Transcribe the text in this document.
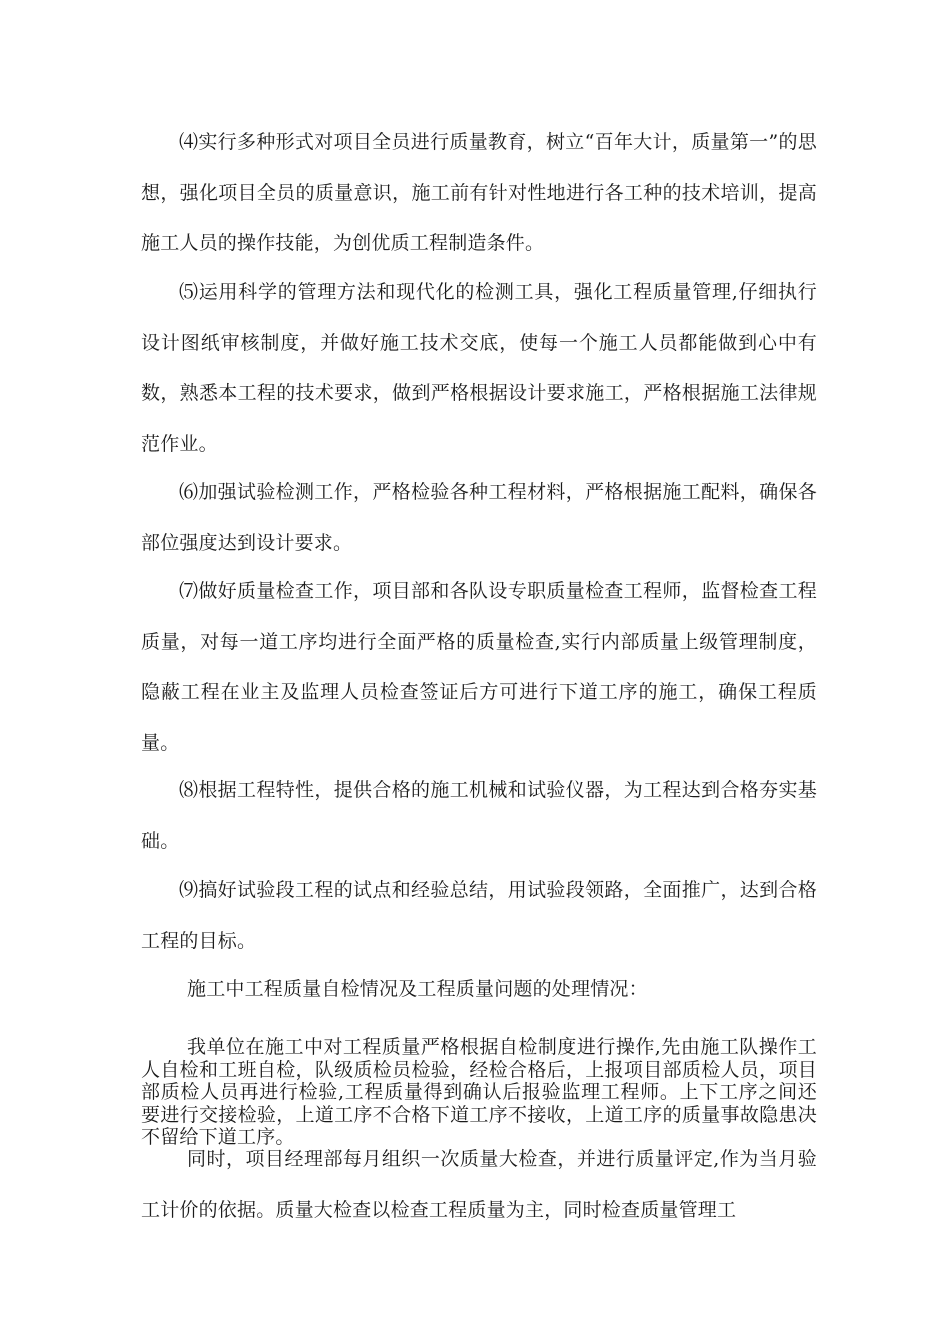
⑷实行多种形式对项目全员进行质量教育，树立“百年大计，质量第一”的思想，强化项目全员的质量意识，施工前有针对性地进行各工种的技术培训，提高施工人员的操作技能，为创优质工程制造条件。

⑸运用科学的管理方法和现代化的检测工具，强化工程质量管理,仔细执行设计图纸审核制度，并做好施工技术交底，使每一个施工人员都能做到心中有数，熟悉本工程的技术要求，做到严格根据设计要求施工，严格根据施工法律规范作业。

⑹加强试验检测工作，严格检验各种工程材料，严格根据施工配料，确保各部位强度达到设计要求。

⑺做好质量检查工作，项目部和各队设专职质量检查工程师，监督检查工程质量，对每一道工序均进行全面严格的质量检查,实行内部质量上级管理制度，隐蔽工程在业主及监理人员检查签证后方可进行下道工序的施工，确保工程质量。

⑻根据工程特性，提供合格的施工机械和试验仪器，为工程达到合格夯实基础。

⑼搞好试验段工程的试点和经验总结，用试验段领路，全面推广，达到合格工程的目标。

施工中工程质量自检情况及工程质量问题的处理情况：

我单位在施工中对工程质量严格根据自检制度进行操作,先由施工队操作工人自检和工班自检，队级质检员检验，经检合格后，上报项目部质检人员，项目部质检人员再进行检验,工程质量得到确认后报验监理工程师。上下工序之间还要进行交接检验，上道工序不合格下道工序不接收，上道工序的质量事故隐患决不留给下道工序。

同时，项目经理部每月组织一次质量大检查，并进行质量评定,作为当月验工计价的依据。质量大检查以检查工程质量为主，同时检查质量管理工
